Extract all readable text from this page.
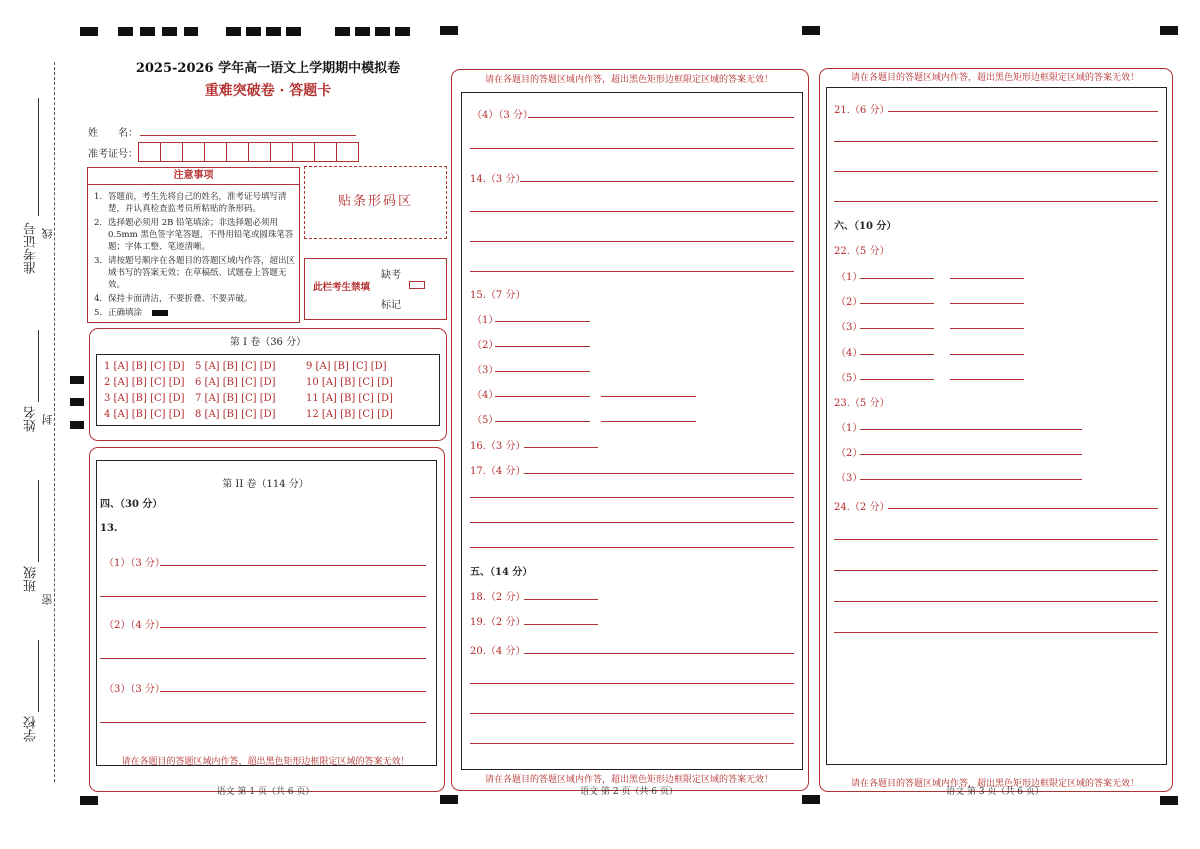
准考证号
姓名
班级
学校
线
封
密
2025-2026 学年高一语文上学期期中模拟卷
重难突破卷 · 答题卡
姓　　名：
准考证号：
注意事项
1. 答题前，考生先将自己的姓名，准考证号填写清楚，并认真检查监考员所粘贴的条形码。
2. 选择题必须用 2B 铅笔填涂；非选择题必须用 0.5mm 黑色签字笔答题，不得用铅笔或圆珠笔答题；字体工整、笔迹清晰。
3. 请按题号顺序在各题目的答题区域内作答，超出区域书写的答案无效；在草稿纸、试题卷上答题无效。
4. 保持卡面清洁，不要折叠、不要弄破。
5. 正确填涂
贴条形码区
此栏考生禁填
缺考
标记
第 I 卷（36 分）
1 [A] [B] [C] [D] 5 [A] [B] [C] [D]	9 [A] [B] [C] [D]
2 [A] [B] [C] [D] 6 [A] [B] [C] [D]	10 [A] [B] [C] [D]
3 [A] [B] [C] [D] 7 [A] [B] [C] [D]	11 [A] [B] [C] [D]
4 [A] [B] [C] [D] 8 [A] [B] [C] [D]	12 [A] [B] [C] [D]
第 II 卷（114 分）
四、（30 分）
13.
（1）（3 分）
（2）（4 分）
（3）（3 分）
请在各题目的答题区域内作答，超出黑色矩形边框限定区域的答案无效！
语文 第 1 页（共 6 页）
请在各题目的答题区域内作答，超出黑色矩形边框限定区域的答案无效！
（4）（3 分）
14.（3 分）
15.（7 分）
（1）
（2）
（3）
（4）
（5）
16.（3 分）
17.（4 分）
五、（14 分）
18.（2 分）
19.（2 分）
20.（4 分）
请在各题目的答题区域内作答，超出黑色矩形边框限定区域的答案无效！
语文 第 2 页（共 6 页）
请在各题目的答题区域内作答，超出黑色矩形边框限定区域的答案无效！
21.（6 分）
六、（10 分）
22.（5 分）
（1）
（2）
（3）
（4）
（5）
23.（5 分）
（1）
（2）
（3）
24.（2 分）
请在各题目的答题区域内作答，超出黑色矩形边框限定区域的答案无效！
语文 第 3 页（共 6 页）
